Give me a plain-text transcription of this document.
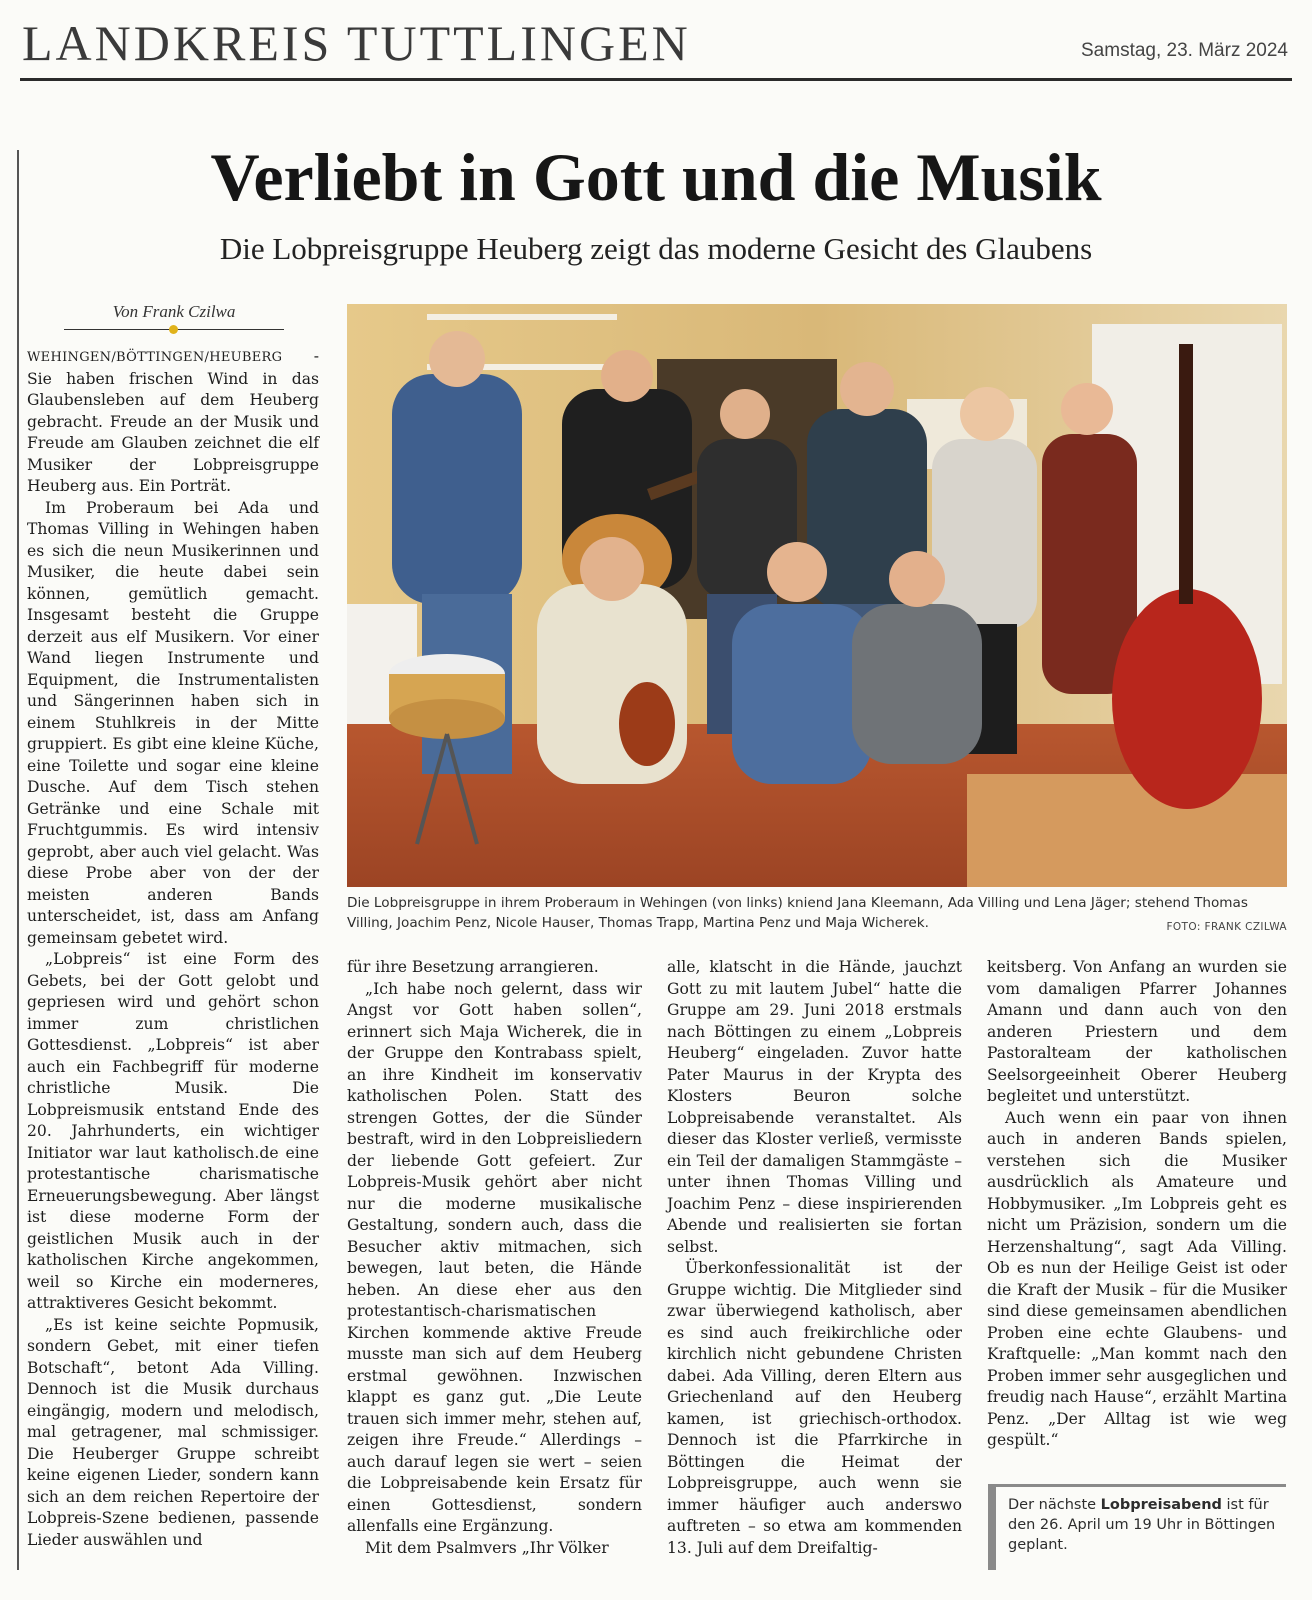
LANDKREIS TUTTLINGEN	Samstag, 23. März 2024
Verliebt in Gott und die Musik
Die Lobpreisgruppe Heuberg zeigt das moderne Gesicht des Glaubens
Von Frank Czilwa

WEHINGEN/BÖTTINGEN/HEUBERG - Sie haben frischen Wind in das Glaubensleben auf dem Heuberg gebracht. Freude an der Musik und Freude am Glauben zeichnet die elf Musiker der Lobpreisgruppe Heuberg aus. Ein Porträt.

Im Proberaum bei Ada und Thomas Villing in Wehingen haben es sich die neun Musikerinnen und Musiker, die heute dabei sein können, gemütlich gemacht. Insgesamt besteht die Gruppe derzeit aus elf Musikern. Vor einer Wand liegen Instrumente und Equipment, die Instrumentalisten und Sängerinnen haben sich in einem Stuhlkreis in der Mitte gruppiert. Es gibt eine kleine Küche, eine Toilette und sogar eine kleine Dusche. Auf dem Tisch stehen Getränke und eine Schale mit Fruchtgummis. Es wird intensiv geprobt, aber auch viel gelacht. Was diese Probe aber von der der meisten anderen Bands unterscheidet, ist, dass am Anfang gemeinsam gebetet wird.

„Lobpreis“ ist eine Form des Gebets, bei der Gott gelobt und gepriesen wird und gehört schon immer zum christlichen Gottesdienst. „Lobpreis“ ist aber auch ein Fachbegriff für moderne christliche Musik. Die Lobpreismusik entstand Ende des 20. Jahrhunderts, ein wichtiger Initiator war laut katholisch.de eine protestantische charismatische Erneuerungsbewegung. Aber längst ist diese moderne Form der geistlichen Musik auch in der katholischen Kirche angekommen, weil so Kirche ein moderneres, attraktiveres Gesicht bekommt.

„Es ist keine seichte Popmusik, sondern Gebet, mit einer tiefen Botschaft“, betont Ada Villing. Dennoch ist die Musik durchaus eingängig, modern und melodisch, mal getragener, mal schmissiger. Die Heuberger Gruppe schreibt keine eigenen Lieder, sondern kann sich an dem reichen Repertoire der Lobpreis-Szene bedienen, passende Lieder auswählen und

Die Lobpreisgruppe in ihrem Proberaum in Wehingen (von links) kniend Jana Kleemann, Ada Villing und Lena Jäger; stehend Thomas Villing, Joachim Penz, Nicole Hauser, Thomas Trapp, Martina Penz und Maja Wicherek.	FOTO: FRANK CZILWA

für ihre Besetzung arrangieren.

„Ich habe noch gelernt, dass wir Angst vor Gott haben sollen“, erinnert sich Maja Wicherek, die in der Gruppe den Kontrabass spielt, an ihre Kindheit im konservativ katholischen Polen. Statt des strengen Gottes, der die Sünder bestraft, wird in den Lobpreisliedern der liebende Gott gefeiert. Zur Lobpreis-Musik gehört aber nicht nur die moderne musikalische Gestaltung, sondern auch, dass die Besucher aktiv mitmachen, sich bewegen, laut beten, die Hände heben. An diese eher aus den protestantisch-charismatischen Kirchen kommende aktive Freude musste man sich auf dem Heuberg erstmal gewöhnen. Inzwischen klappt es ganz gut. „Die Leute trauen sich immer mehr, stehen auf, zeigen ihre Freude.“ Allerdings – auch darauf legen sie wert – seien die Lobpreisabende kein Ersatz für einen Gottesdienst, sondern allenfalls eine Ergänzung.

Mit dem Psalmvers „Ihr Völker

alle, klatscht in die Hände, jauchzt Gott zu mit lautem Jubel“ hatte die Gruppe am 29. Juni 2018 erstmals nach Böttingen zu einem „Lobpreis Heuberg“ eingeladen. Zuvor hatte Pater Maurus in der Krypta des Klosters Beuron solche Lobpreisabende veranstaltet. Als dieser das Kloster verließ, vermisste ein Teil der damaligen Stammgäste – unter ihnen Thomas Villing und Joachim Penz – diese inspirierenden Abende und realisierten sie fortan selbst.

Überkonfessionalität ist der Gruppe wichtig. Die Mitglieder sind zwar überwiegend katholisch, aber es sind auch freikirchliche oder kirchlich nicht gebundene Christen dabei. Ada Villing, deren Eltern aus Griechenland auf den Heuberg kamen, ist griechisch-orthodox. Dennoch ist die Pfarrkirche in Böttingen die Heimat der Lobpreisgruppe, auch wenn sie immer häufiger auch anderswo auftreten – so etwa am kommenden 13. Juli auf dem Dreifaltig-

keitsberg. Von Anfang an wurden sie vom damaligen Pfarrer Johannes Amann und dann auch von den anderen Priestern und dem Pastoralteam der katholischen Seelsorgeeinheit Oberer Heuberg begleitet und unterstützt.

Auch wenn ein paar von ihnen auch in anderen Bands spielen, verstehen sich die Musiker ausdrücklich als Amateure und Hobbymusiker. „Im Lobpreis geht es nicht um Präzision, sondern um die Herzenshaltung“, sagt Ada Villing. Ob es nun der Heilige Geist ist oder die Kraft der Musik – für die Musiker sind diese gemeinsamen abendlichen Proben eine echte Glaubens- und Kraftquelle: „Man kommt nach den Proben immer sehr ausgeglichen und freudig nach Hause“, erzählt Martina Penz. „Der Alltag ist wie weg gespült.“

Der nächste Lobpreisabend ist für den 26. April um 19 Uhr in Böttingen geplant.
